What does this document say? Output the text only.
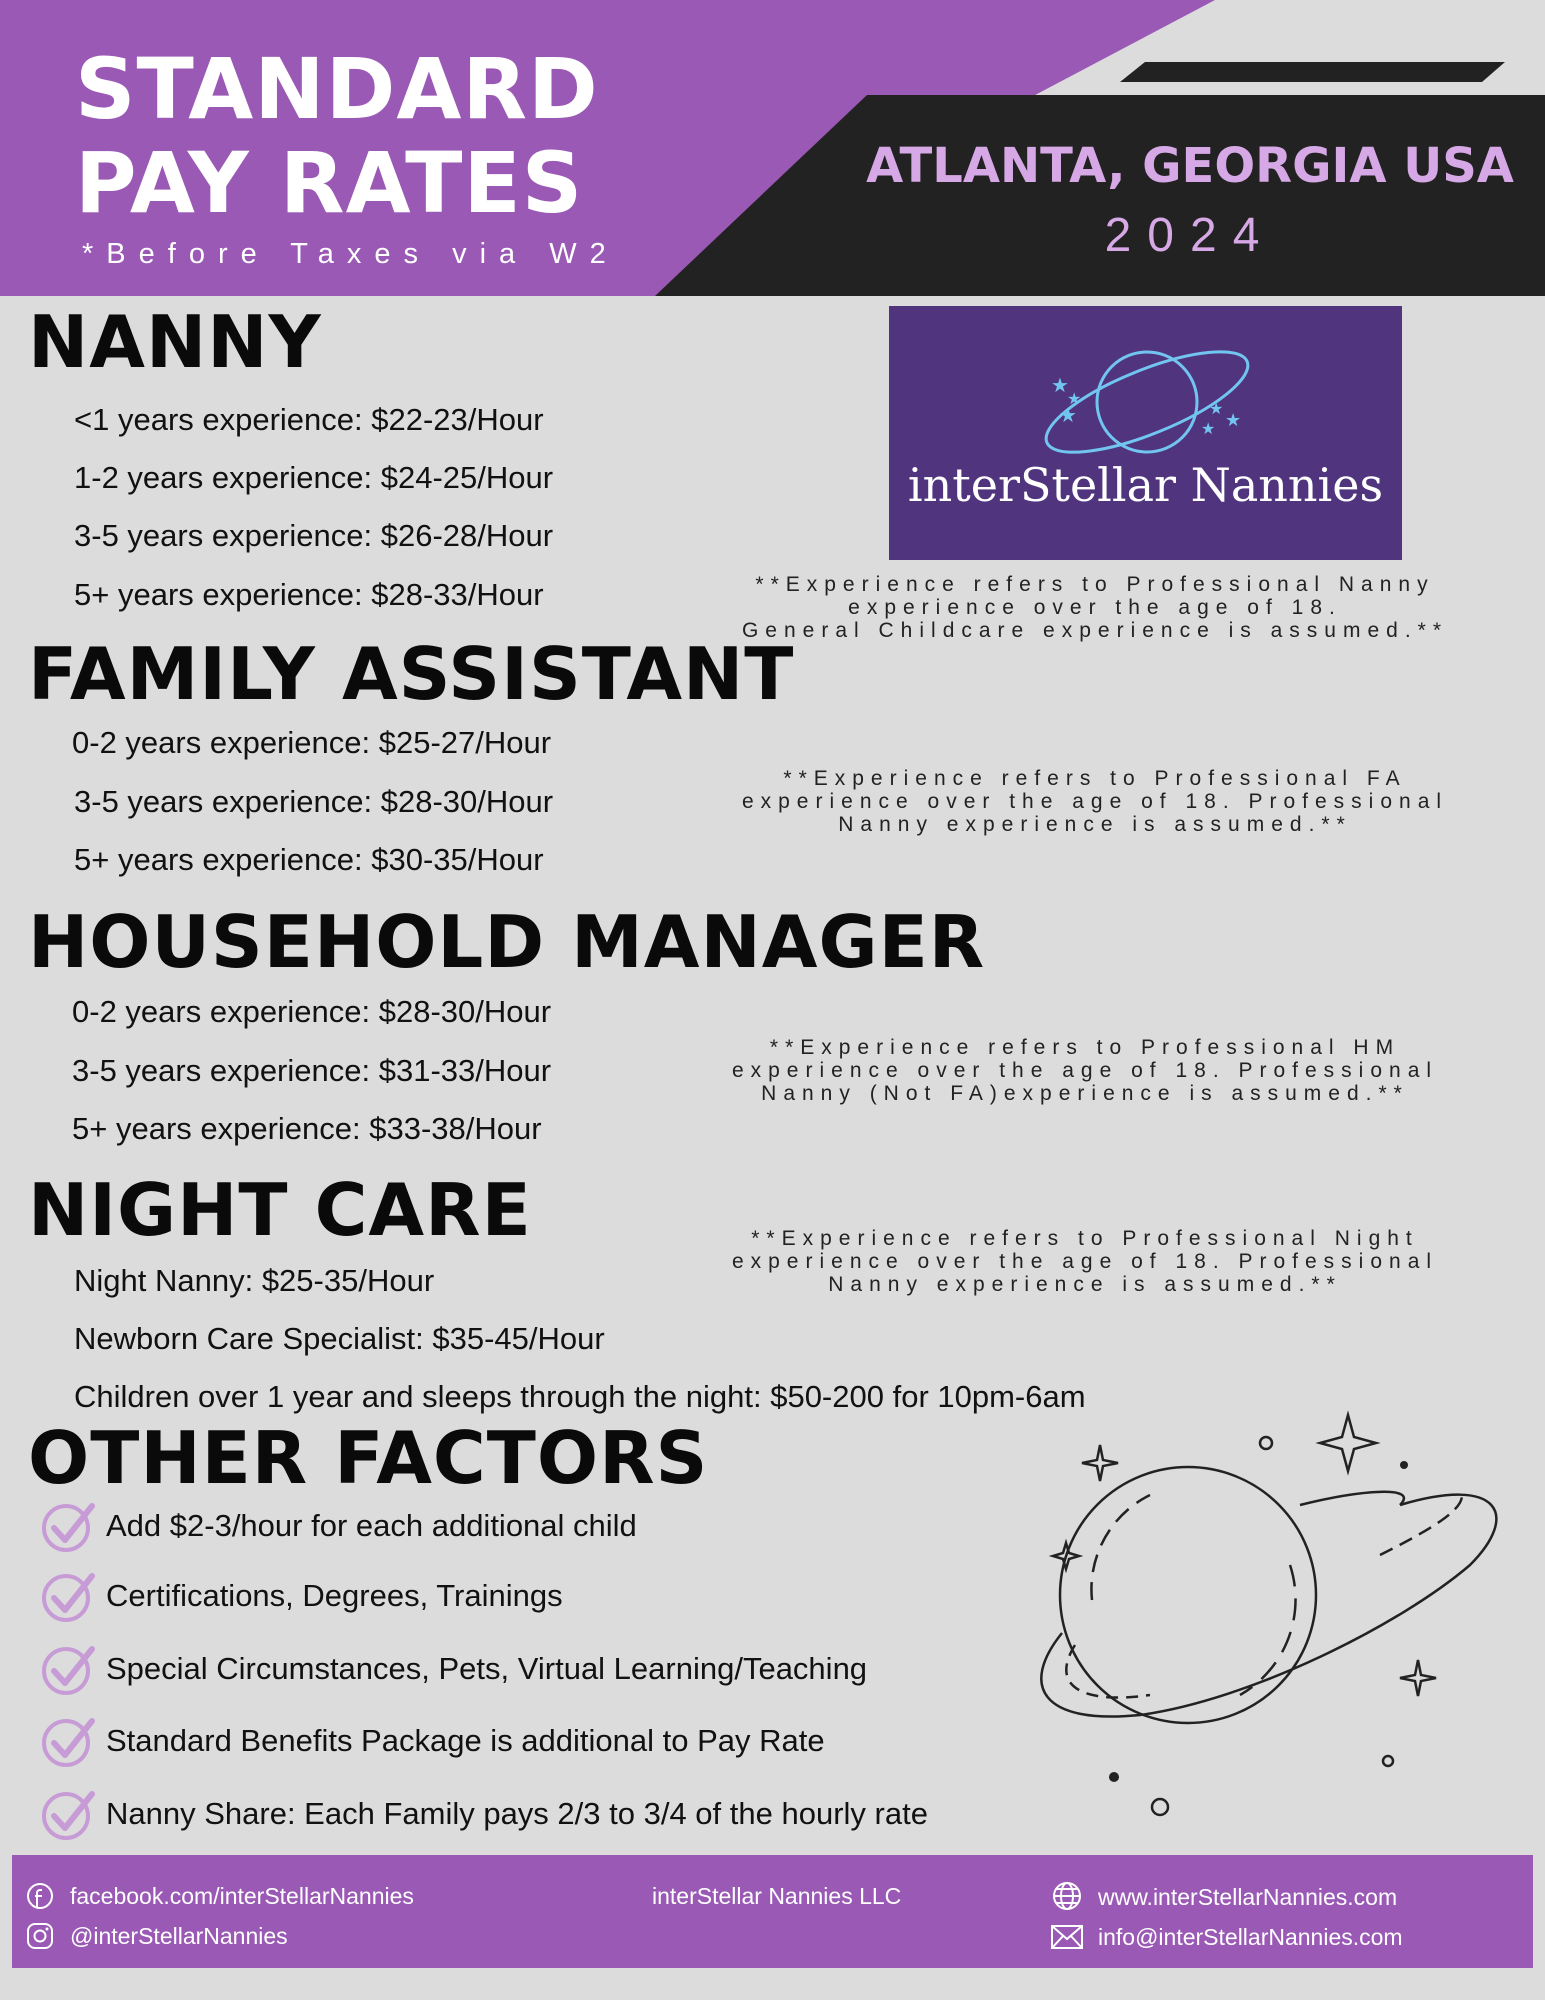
STANDARD
PAY RATES
*Before Taxes via W2
ATLANTA, GEORGIA USA
2024
★
★
★	★
★
★
interStellar Nannies
NANNY
<1 years experience: $22-23/Hour
1-2 years experience: $24-25/Hour
3-5 years experience: $26-28/Hour
5+ years experience: $28-33/Hour	**Experience refers to Professional Nanny
experience over the age of 18.
General Childcare experience is assumed.**
FAMILY ASSISTANT
0-2 years experience: $25-27/Hour
3-5 years experience: $28-30/Hour
5+ years experience: $30-35/Hour
**Experience refers to Professional FA
experience over the age of 18. Professional
Nanny experience is assumed.**
HOUSEHOLD MANAGER
0-2 years experience: $28-30/Hour
3-5 years experience: $31-33/Hour
5+ years experience: $33-38/Hour
**Experience refers to Professional HM
experience over the age of 18. Professional
Nanny (Not FA)experience is assumed.**
NIGHT CARE
Night Nanny: $25-35/Hour
Newborn Care Specialist: $35-45/Hour
Children over 1 year and sleeps through the night: $50-200 for 10pm-6am
**Experience refers to Professional Night
experience over the age of 18. Professional
Nanny experience is assumed.**
OTHER FACTORS
Add $2-3/hour for each additional child
Certifications, Degrees, Trainings
Special Circumstances, Pets, Virtual Learning/Teaching
Standard Benefits Package is additional to Pay Rate
Nanny Share: Each Family pays 2/3 to 3/4 of the hourly rate
facebook.com/interStellarNannies
@interStellarNannies
interStellar Nannies LLC	www.interStellarNannies.com
info@interStellarNannies.com
